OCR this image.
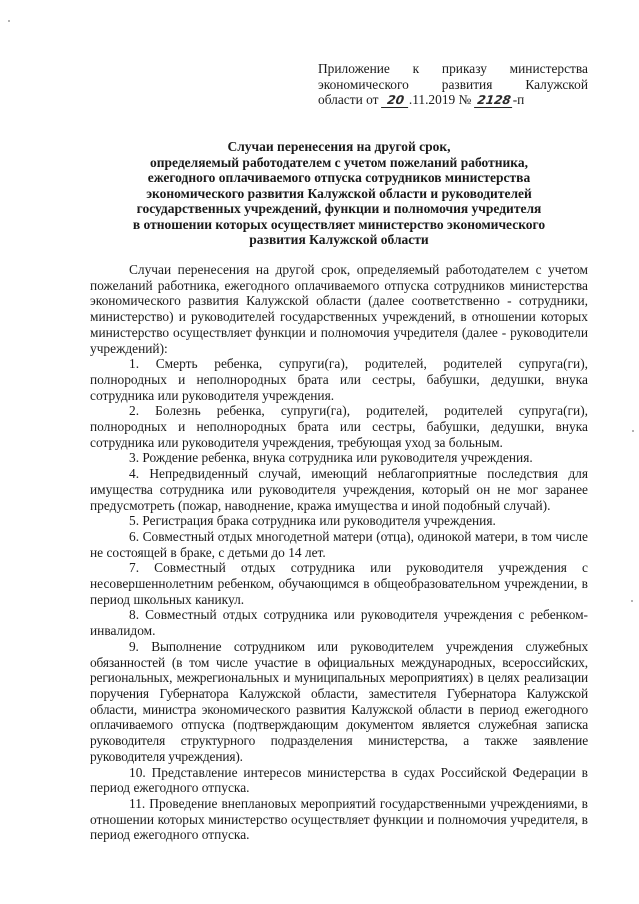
Приложение к приказу министерства
экономического развития Калужской
области от 20 .11.2019 № 2128-п
Случаи перенесения на другой срок,
определяемый работодателем с учетом пожеланий работника,
ежегодного оплачиваемого отпуска сотрудников министерства
экономического развития Калужской области и руководителей
государственных учреждений, функции и полномочия учредителя
в отношении которых осуществляет министерство экономического
развития Калужской области

Случаи перенесения на другой срок, определяемый работодателем с учетом пожеланий работника, ежегодного оплачиваемого отпуска сотрудников министерства экономического развития Калужской области (далее соответственно - сотрудники, министерство) и руководителей государственных учреждений, в отношении которых министерство осуществляет функции и полномочия учредителя (далее - руководители учреждений):

1. Смерть ребенка, супруги(га), родителей, родителей супруга(ги), полнородных и неполнородных брата или сестры, бабушки, дедушки, внука сотрудника или руководителя учреждения.

2. Болезнь ребенка, супруги(га), родителей, родителей супруга(ги), полнородных и неполнородных брата или сестры, бабушки, дедушки, внука сотрудника или руководителя учреждения, требующая уход за больным.

3. Рождение ребенка, внука сотрудника или руководителя учреждения.

4. Непредвиденный случай, имеющий неблагоприятные последствия для имущества сотрудника или руководителя учреждения, который он не мог заранее предусмотреть (пожар, наводнение, кража имущества и иной подобный случай).

5. Регистрация брака сотрудника или руководителя учреждения.

6. Совместный отдых многодетной матери (отца), одинокой матери, в том числе не состоящей в браке, с детьми до 14 лет.

7. Совместный отдых сотрудника или руководителя учреждения с несовершеннолетним ребенком, обучающимся в общеобразовательном учреждении, в период школьных каникул.

8. Совместный отдых сотрудника или руководителя учреждения с ребенком-инвалидом.

9. Выполнение сотрудником или руководителем учреждения служебных обязанностей (в том числе участие в официальных международных, всероссийских, региональных, межрегиональных и муниципальных мероприятиях) в целях реализации поручения Губернатора Калужской области, заместителя Губернатора Калужской области, министра экономического развития Калужской области в период ежегодного оплачиваемого отпуска (подтверждающим документом является служебная записка руководителя структурного подразделения министерства, а также заявление руководителя учреждения).

10. Представление интересов министерства в судах Российской Федерации в период ежегодного отпуска.

11. Проведение внеплановых мероприятий государственными учреждениями, в отношении которых министерство осуществляет функции и полномочия учредителя, в период ежегодного отпуска.
